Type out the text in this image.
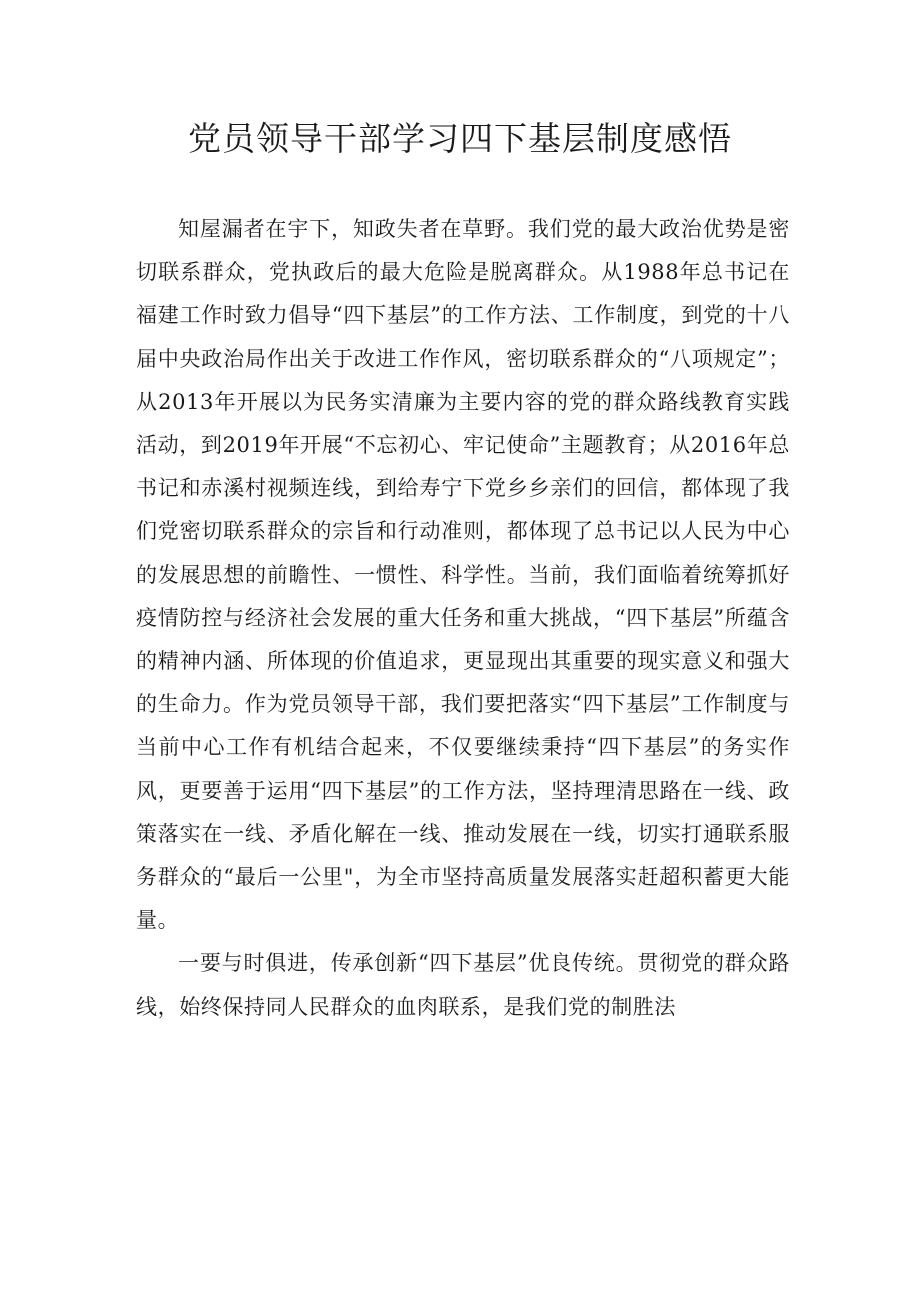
党员领导干部学习四下基层制度感悟

知屋漏者在宇下，知政失者在草野。我们党的最大政治优势是密切联系群众，党执政后的最大危险是脱离群众。从1988年总书记在福建工作时致力倡导“四下基层”的工作方法、工作制度，到党的十八届中央政治局作出关于改进工作作风，密切联系群众的“八项规定”；从2013年开展以为民务实清廉为主要内容的党的群众路线教育实践活动，到2019年开展“不忘初心、牢记使命”主题教育；从2016年总书记和赤溪村视频连线，到给寿宁下党乡乡亲们的回信，都体现了我们党密切联系群众的宗旨和行动准则，都体现了总书记以人民为中心的发展思想的前瞻性、一惯性、科学性。当前，我们面临着统筹抓好疫情防控与经济社会发展的重大任务和重大挑战，“四下基层”所蕴含的精神内涵、所体现的价值追求，更显现出其重要的现实意义和强大的生命力。作为党员领导干部，我们要把落实“四下基层”工作制度与当前中心工作有机结合起来，不仅要继续秉持“四下基层”的务实作风，更要善于运用“四下基层”的工作方法，坚持理清思路在一线、政策落实在一线、矛盾化解在一线、推动发展在一线，切实打通联系服务群众的“最后一公里"，为全市坚持高质量发展落实赶超积蓄更大能量。

一要与时俱进，传承创新“四下基层”优良传统。贯彻党的群众路线，始终保持同人民群众的血肉联系，是我们党的制胜法
